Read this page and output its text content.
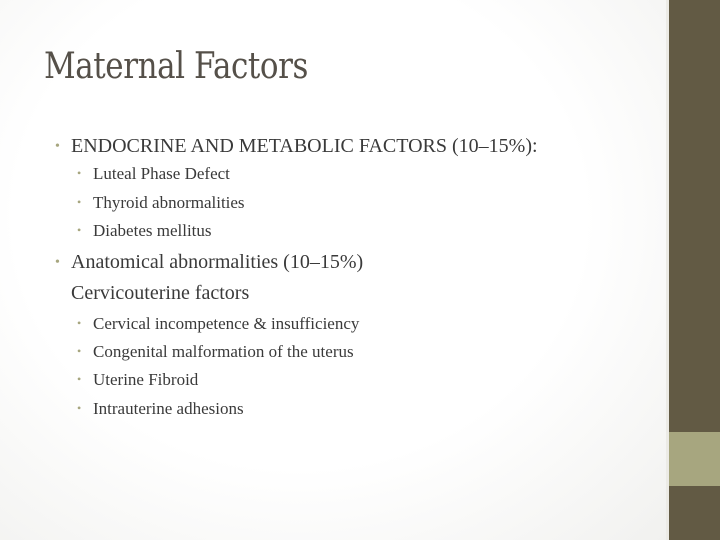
Maternal Factors
• ENDOCRINE AND METABOLIC FACTORS (10–15%):
• Luteal Phase Defect
• Thyroid abnormalities
• Diabetes mellitus
• Anatomical abnormalities (10–15%)
Cervicouterine factors
• Cervical incompetence & insufficiency
• Congenital malformation of the uterus
• Uterine Fibroid
• Intrauterine adhesions
